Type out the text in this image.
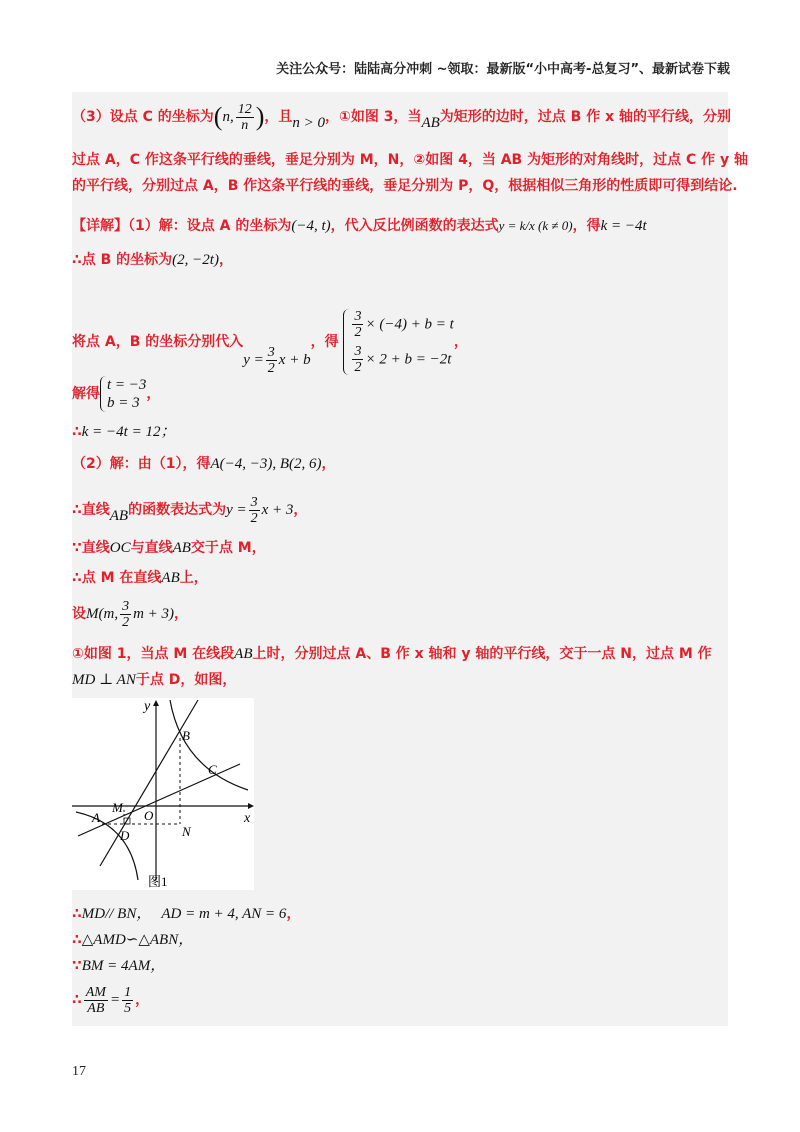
关注公众号：陆陆高分冲刺 ~领取：最新版“小中高考-总复习”、最新试卷下载
（3）设点 C 的坐标为(n, $\frac{12}{n}$ )，且n > 0，①如图 3，当AB为矩形的边时，过点 B 作 x 轴的平行线，分别
过点 A，C 作这条平行线的垂线，垂足分别为 M，N，②如图 4，当 AB 为矩形的对角线时，过点 C 作 y 轴
的平行线，分别过点 A，B 作这条平行线的垂线，垂足分别为 P，Q，根据相似三角形的性质即可得到结论.
【详解】（1）解：设点 A 的坐标为(−4, t)，代入反比例函数的表达式y = k/x (k ≠ 0)，得k = −4t
∴点 B 的坐标为(2, −2t)，
将点 A，B 的坐标分别代入$y = \frac{3}{2}$ x + b，得
$\frac{3}{2} \times (-4) + b = t$
$\frac{3}{2} \times 2 + b = -2t$
，
解得
t = −3
b = 3
，
∴k = −4t = 12；
（2）解：由（1），得A(−4, −3), B(2, 6)，
∴直线AB的函数表达式为$y = \frac{3}{2}$ x + 3，
∵直线OC与直线AB交于点 M，
∴点 M 在直线AB上，
设M(m, $\frac{3}{2}$ m + 3)，
①如图 1，当点 M 在线段AB上时，分别过点 A、B 作 x 轴和 y 轴的平行线，交于一点 N，过点 M 作
MD ⊥ AN于点 D，如图，
y
x
B
C
M
O
A
D	N
图1
∴MD// BN， AD = m + 4, AN = 6，
∴△AMD∽△ABN，
∵BM = 4AM，
∴ $\frac{AM}{AB} = \frac{1}{5}$ ，
17
